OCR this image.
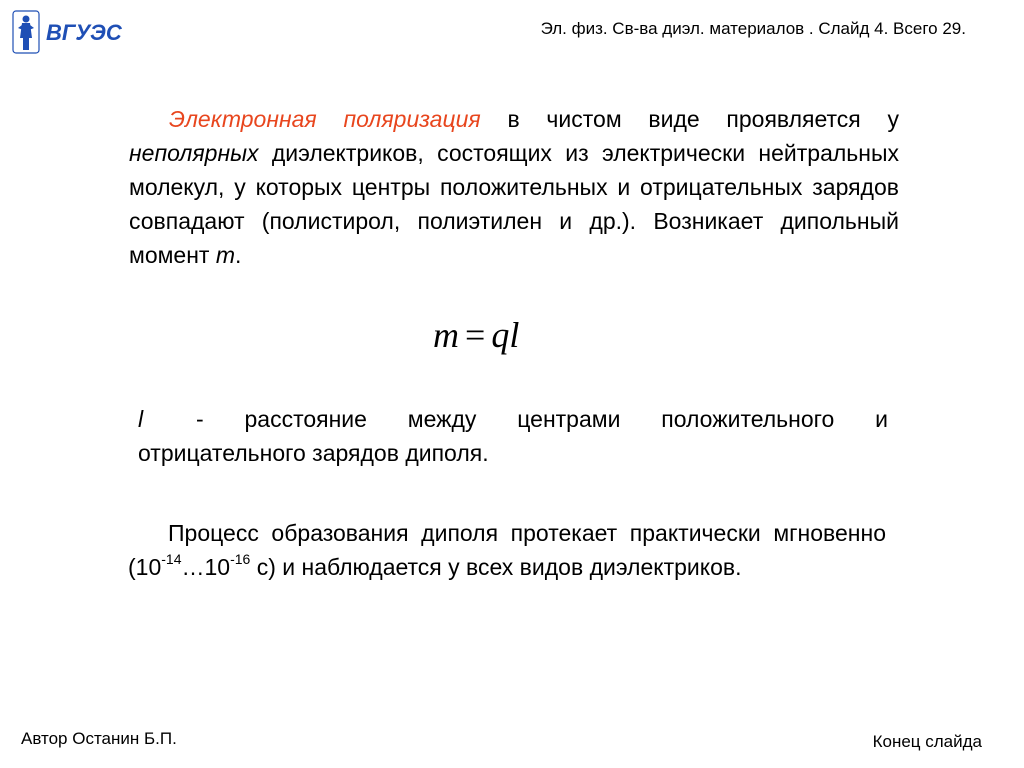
ВГУЭС	Эл. физ. Св-ва диэл. материалов . Слайд 4. Всего 29.

Электронная поляризация в чистом виде проявляется у неполярных диэлектриков, состоящих из электрически нейтральных молекул, у которых центры положительных и отрицательных зарядов совпадают (полистирол, полиэтилен и др.). Возникает дипольный момент m.

m = ql

l - расстояние между центрами положительного и отрицательного зарядов диполя.

Процесс образования диполя протекает практически мгновенно ($10^{-14}\dots 10^{-16}$ с) и наблюдается у всех видов диэлектриков.

Автор Останин Б.П.	Конец слайда
